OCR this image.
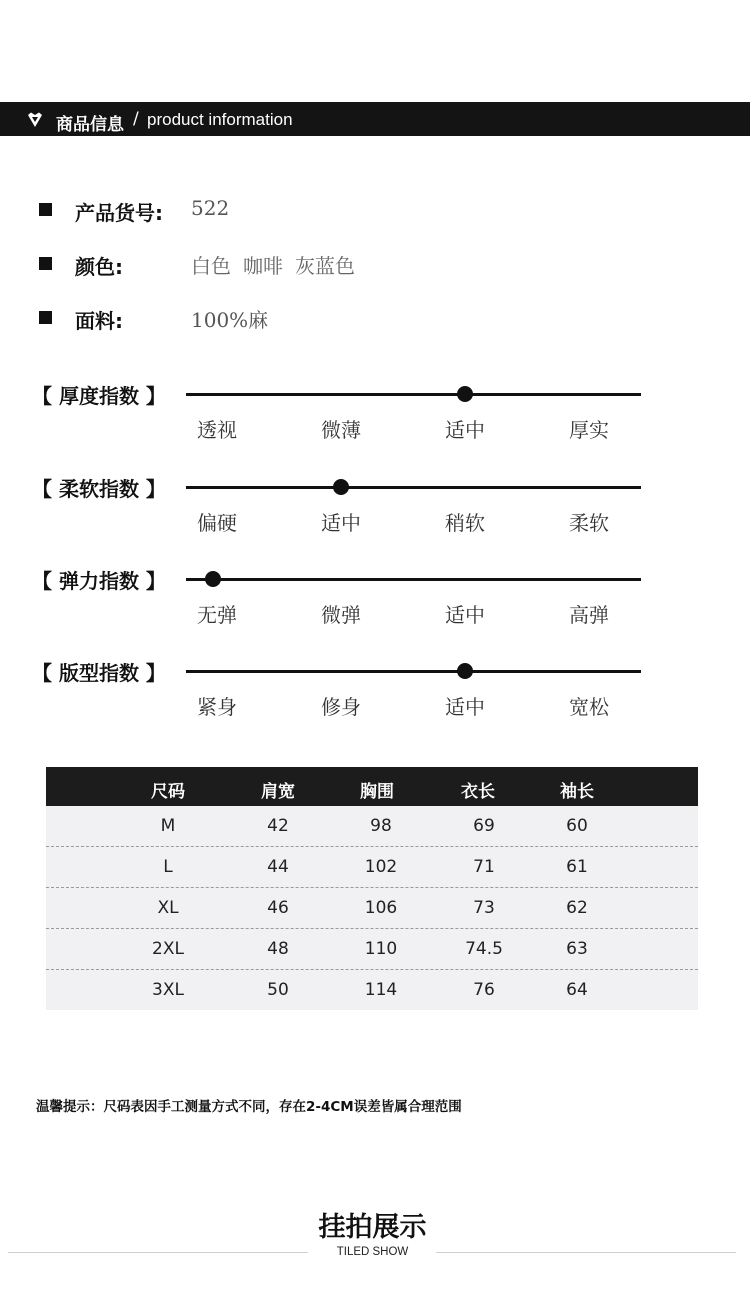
商品信息 / product information
产品货号: 522
颜色:	白色 咖啡 灰蓝色
面料:	100%麻
【 厚度指数 】
透视	微薄	适中	厚实
【 柔软指数 】
偏硬	适中	稍软	柔软
【 弹力指数 】
无弹	微弹	适中	高弹
【 版型指数 】
紧身	修身	适中	宽松
尺码	肩宽	胸围	衣长	袖长
M	42	98	69	60
L	44	102	71	61
XL	46	106	73	62
2XL	48	110	74.5	63
3XL	50	114	76	64
温馨提示：尺码表因手工测量方式不同，存在2-4CM误差皆属合理范围
挂拍展示
TILED SHOW
